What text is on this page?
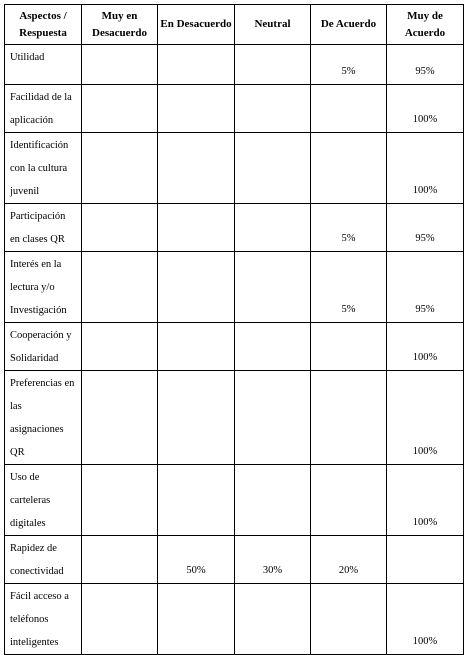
Aspectos / Respuesta	Muy en Desacuerdo	En Desacuerdo	Neutral	De Acuerdo	Muy de Acuerdo
Utilidad				5%	95%
Facilidad de la aplicación					100%
Identificación con la cultura juvenil					100%
Participación en clases QR				5%	95%
Interés en la lectura y/o Investigación				5%	95%
Cooperación y Solidaridad					100%
Preferencias en las asignaciones QR					100%
Uso de carteleras digitales					100%
Rapidez de conectividad		50%	30%	20%	
Fácil acceso a teléfonos inteligentes					100%
